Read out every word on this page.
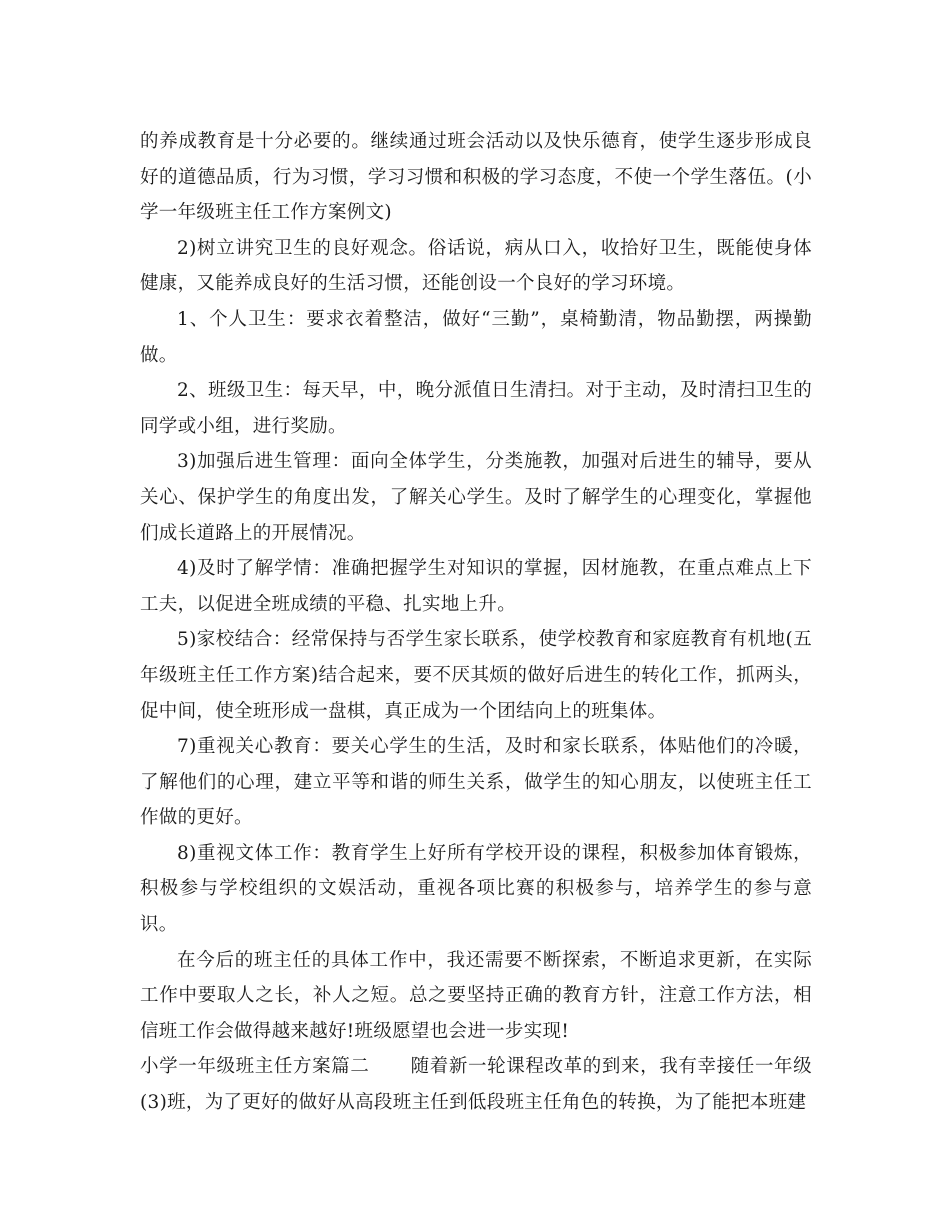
的养成教育是十分必要的。继续通过班会活动以及快乐德育，使学生逐步形成良好的道德品质，行为习惯，学习习惯和积极的学习态度，不使一个学生落伍。(小学一年级班主任工作方案例文)

2)树立讲究卫生的良好观念。俗话说，病从口入，收拾好卫生，既能使身体健康，又能养成良好的生活习惯，还能创设一个良好的学习环境。

1、个人卫生：要求衣着整洁，做好“三勤”，桌椅勤清，物品勤摆，两操勤做。

2、班级卫生：每天早，中，晚分派值日生清扫。对于主动，及时清扫卫生的同学或小组，进行奖励。

3)加强后进生管理：面向全体学生，分类施教，加强对后进生的辅导，要从关心、保护学生的角度出发，了解关心学生。及时了解学生的心理变化，掌握他们成长道路上的开展情况。

4)及时了解学情：准确把握学生对知识的掌握，因材施教，在重点难点上下工夫，以促进全班成绩的平稳、扎实地上升。

5)家校结合：经常保持与否学生家长联系，使学校教育和家庭教育有机地(五年级班主任工作方案)结合起来，要不厌其烦的做好后进生的转化工作，抓两头，促中间，使全班形成一盘棋，真正成为一个团结向上的班集体。

7)重视关心教育：要关心学生的生活，及时和家长联系，体贴他们的冷暖，了解他们的心理，建立平等和谐的师生关系，做学生的知心朋友，以使班主任工作做的更好。

8)重视文体工作：教育学生上好所有学校开设的课程，积极参加体育锻炼，积极参与学校组织的文娱活动，重视各项比赛的积极参与，培养学生的参与意识。

在今后的班主任的具体工作中，我还需要不断探索，不断追求更新，在实际工作中要取人之长，补人之短。总之要坚持正确的教育方针，注意工作方法，相信班工作会做得越来越好!班级愿望也会进一步实现!

小学一年级班主任方案篇二 随着新一轮课程改革的到来，我有幸接任一年级(3)班，为了更好的做好从高段班主任到低段班主任角色的转换，为了能把本班建
